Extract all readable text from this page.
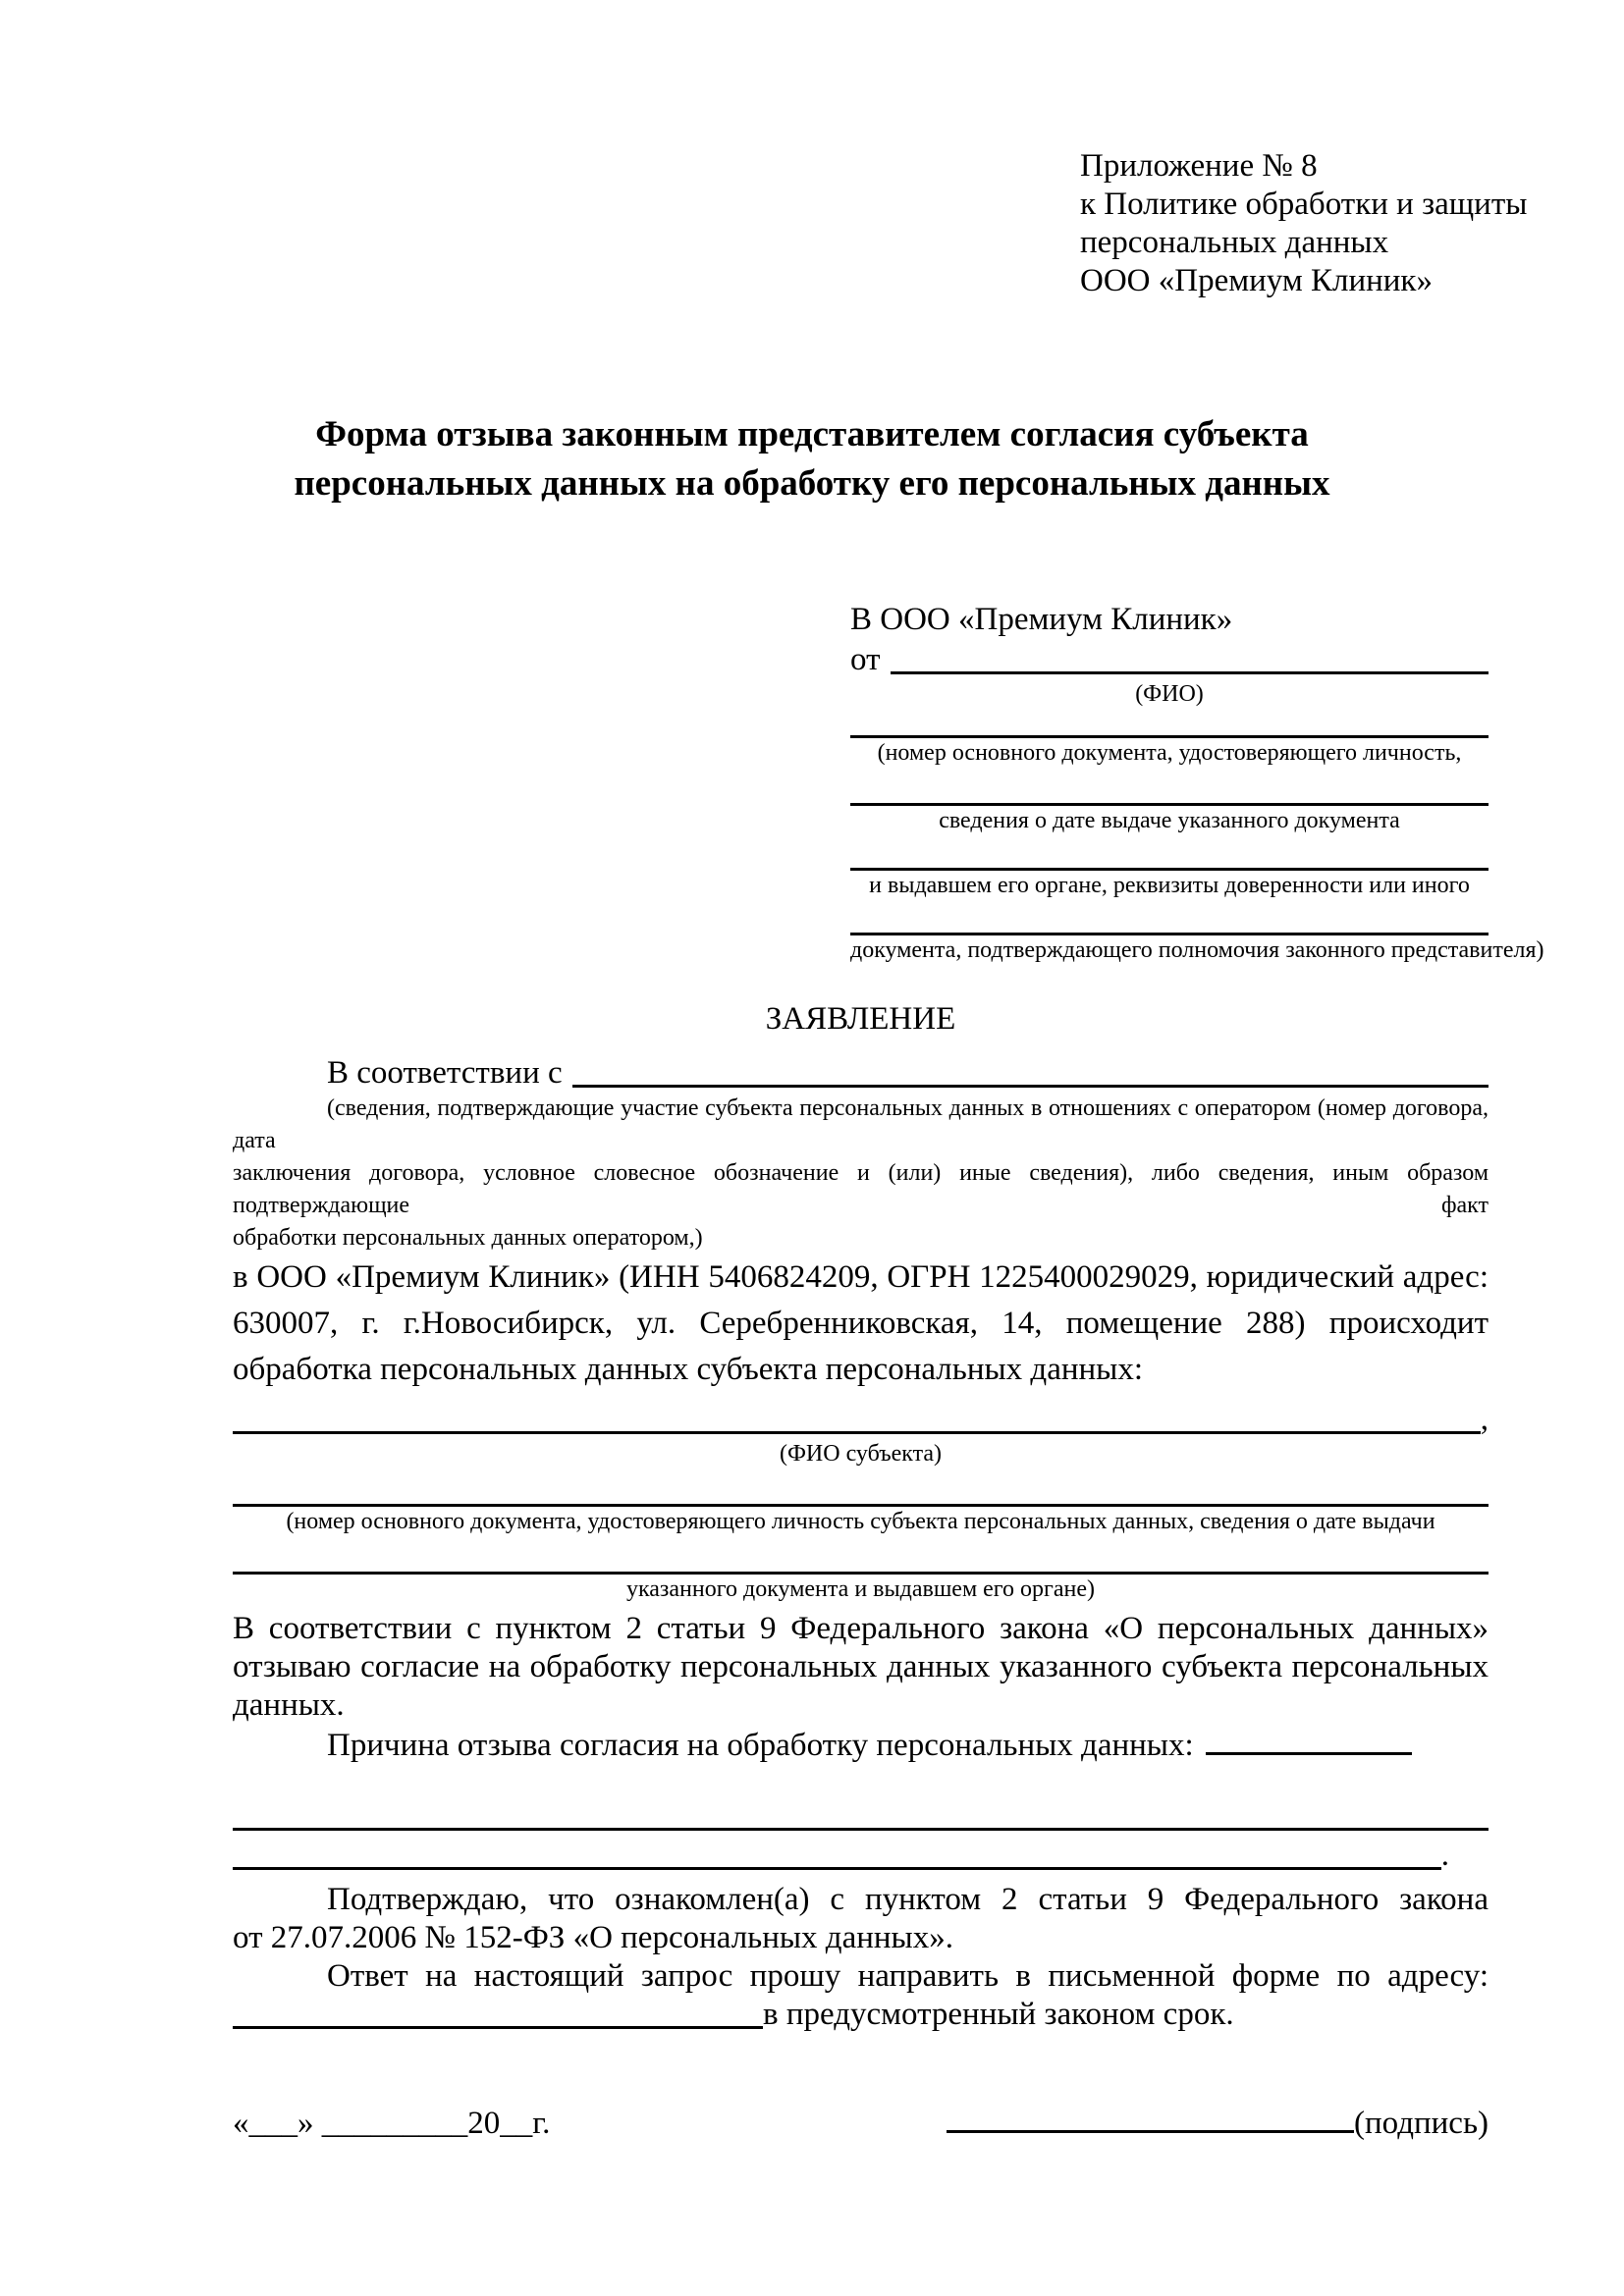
Приложение № 8
к Политике обработки и защиты
персональных данных
ООО «Премиум Клиник»
Форма отзыва законным представителем согласия субъекта
персональных данных на обработку его персональных данных
В ООО «Премиум Клиник»
от
(ФИО)
(номер основного документа, удостоверяющего личность,
сведения о дате выдаче указанного документа
и выдавшем его органе, реквизиты доверенности или иного
документа, подтверждающего полномочия законного представителя)
ЗАЯВЛЕНИЕ
В соответствии с
(сведения, подтверждающие участие субъекта персональных данных в отношениях с оператором (номер договора, дата
заключения договора, условное словесное обозначение и (или) иные сведения), либо сведения, иным образом подтверждающие факт
обработки персональных данных оператором,)
в ООО «Премиум Клиник» (ИНН 5406824209, ОГРН 1225400029029, юридический адрес:
630007, г. г.Новосибирск, ул. Серебренниковская, 14, помещение 288) происходит
обработка персональных данных субъекта персональных данных:
,
(ФИО субъекта)
(номер основного документа, удостоверяющего личность субъекта персональных данных, сведения о дате выдачи
указанного документа и выдавшем его органе)
В соответствии с пунктом 2 статьи 9 Федерального закона «О персональных данных»
отзываю согласие на обработку персональных данных указанного субъекта персональных
данных.
Причина отзыва согласия на обработку персональных данных:
.
Подтверждаю, что ознакомлен(а) с пунктом 2 статьи 9 Федерального закона
от 27.07.2006 № 152-ФЗ «О персональных данных».
Ответ на настоящий запрос прошу направить в письменной форме по адресу:
в предусмотренный законом срок.
«___» _________20__г.	(подпись)
